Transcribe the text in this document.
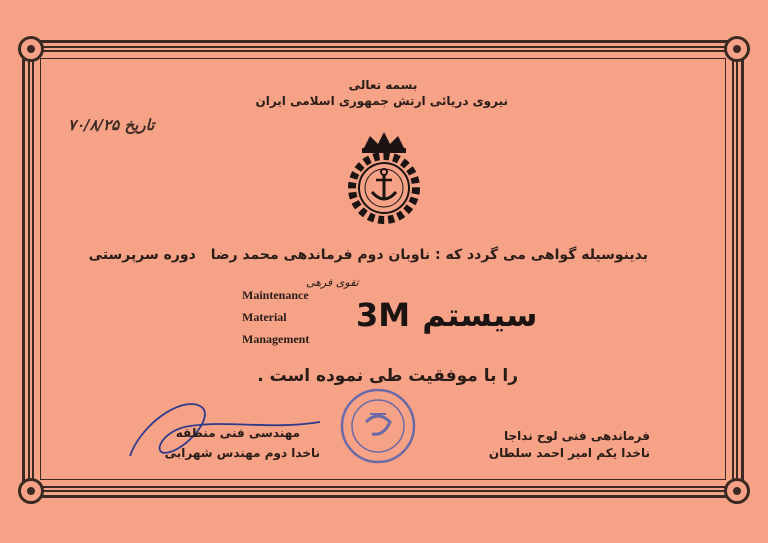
بسمه تعالی
نیروی دریائی ارتش جمهوری اسلامی ایران
تاریخ ۷۰/۸/۲۵
بدینوسیله گواهی می گردد که : ناوبان دوم فرماندهی محمد رضا دوره سرپرستی
تقوی فرهی
Maintenance
Material
Management
سیستم 3M
را با موفقیت طی نموده است .
فرماندهی فنی لوح نداجا
ناخدا یکم امیر احمد سلطان
مهندسی فنی منطقه
ناخدا دوم مهندس شهرابی
